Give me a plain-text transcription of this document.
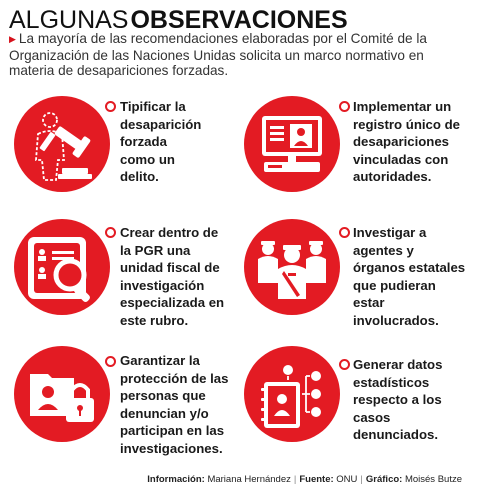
ALGUNASOBSERVACIONES
▶ La mayoría de las recomendaciones elaboradas por el Comité de la Organización de las Naciones Unidas solicita un marco normativo en materia de desapariciones forzadas.
Tipificar la desaparición forzada como un delito.
Implementar un registro único de desapariciones vinculadas con autoridades.
Crear dentro de la PGR una unidad fiscal de investigación especializada en este rubro.
Investigar a agentes y órganos estatales que pudieran estar involucrados.
Garantizar la protección de las personas que denuncian y/o participan en las investigaciones.
Generar datos estadísticos respecto a los casos denunciados.
Información: Mariana Hernández | Fuente: ONU | Gráfico: Moisés Butze
